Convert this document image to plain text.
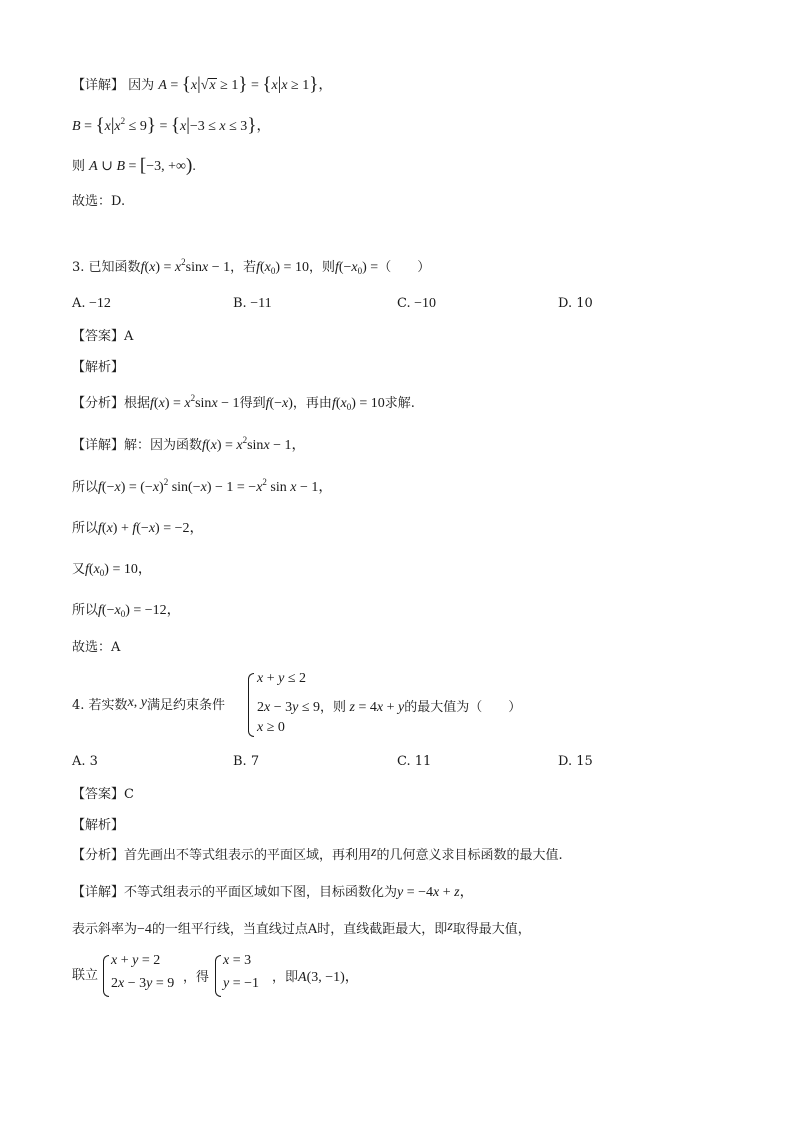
【详解】 因为 A = {x|√x ≥ 1} = {x|x ≥ 1}，
$B = \{x|x^2 \le 9\} = \{x|-3 \le x \le 3\}$，
则 A ∪ B = [−3, +∞).
故选：D.
3. 已知函数$f(x) = x^2\sin x - 1$，若$f(x_0) = 10$，则$f(-x_0)$ =（　　）
A. −12	B. −11	C. −10	D. 10
【答案】A
【解析】
【分析】根据$f(x) = x^2\sin x - 1$得到f(−x)，再由$f(x_0) = 10$求解.
【详解】解：因为函数$f(x) = x^2\sin x - 1$，
所以$f(-x) = (-x)^2$ $\sin(-x) - 1 = -x^2$ sin x − 1，
所以f(x) + f(−x) = −2，
又$f(x_0) = 10$，
所以$f(-x_0) = -12$，
故选：A
4. 若实数x, y满足约束条件
x + y ≤ 2
2x − 3y ≤ 9，则 z = 4x + y的最大值为（　　）
x ≥ 0
A. 3	B. 7	C. 11	D. 15
【答案】C
【解析】
【分析】首先画出不等式组表示的平面区域，再利用z的几何意义求目标函数的最大值.
【详解】不等式组表示的平面区域如下图，目标函数化为y = −4x + z，
表示斜率为−4的一组平行线，当直线过点A时，直线截距最大，即z取得最大值，
联立
x + y = 2
2x − 3y = 9 ，得
x = 3
y = −1 ，即A(3, −1)，
